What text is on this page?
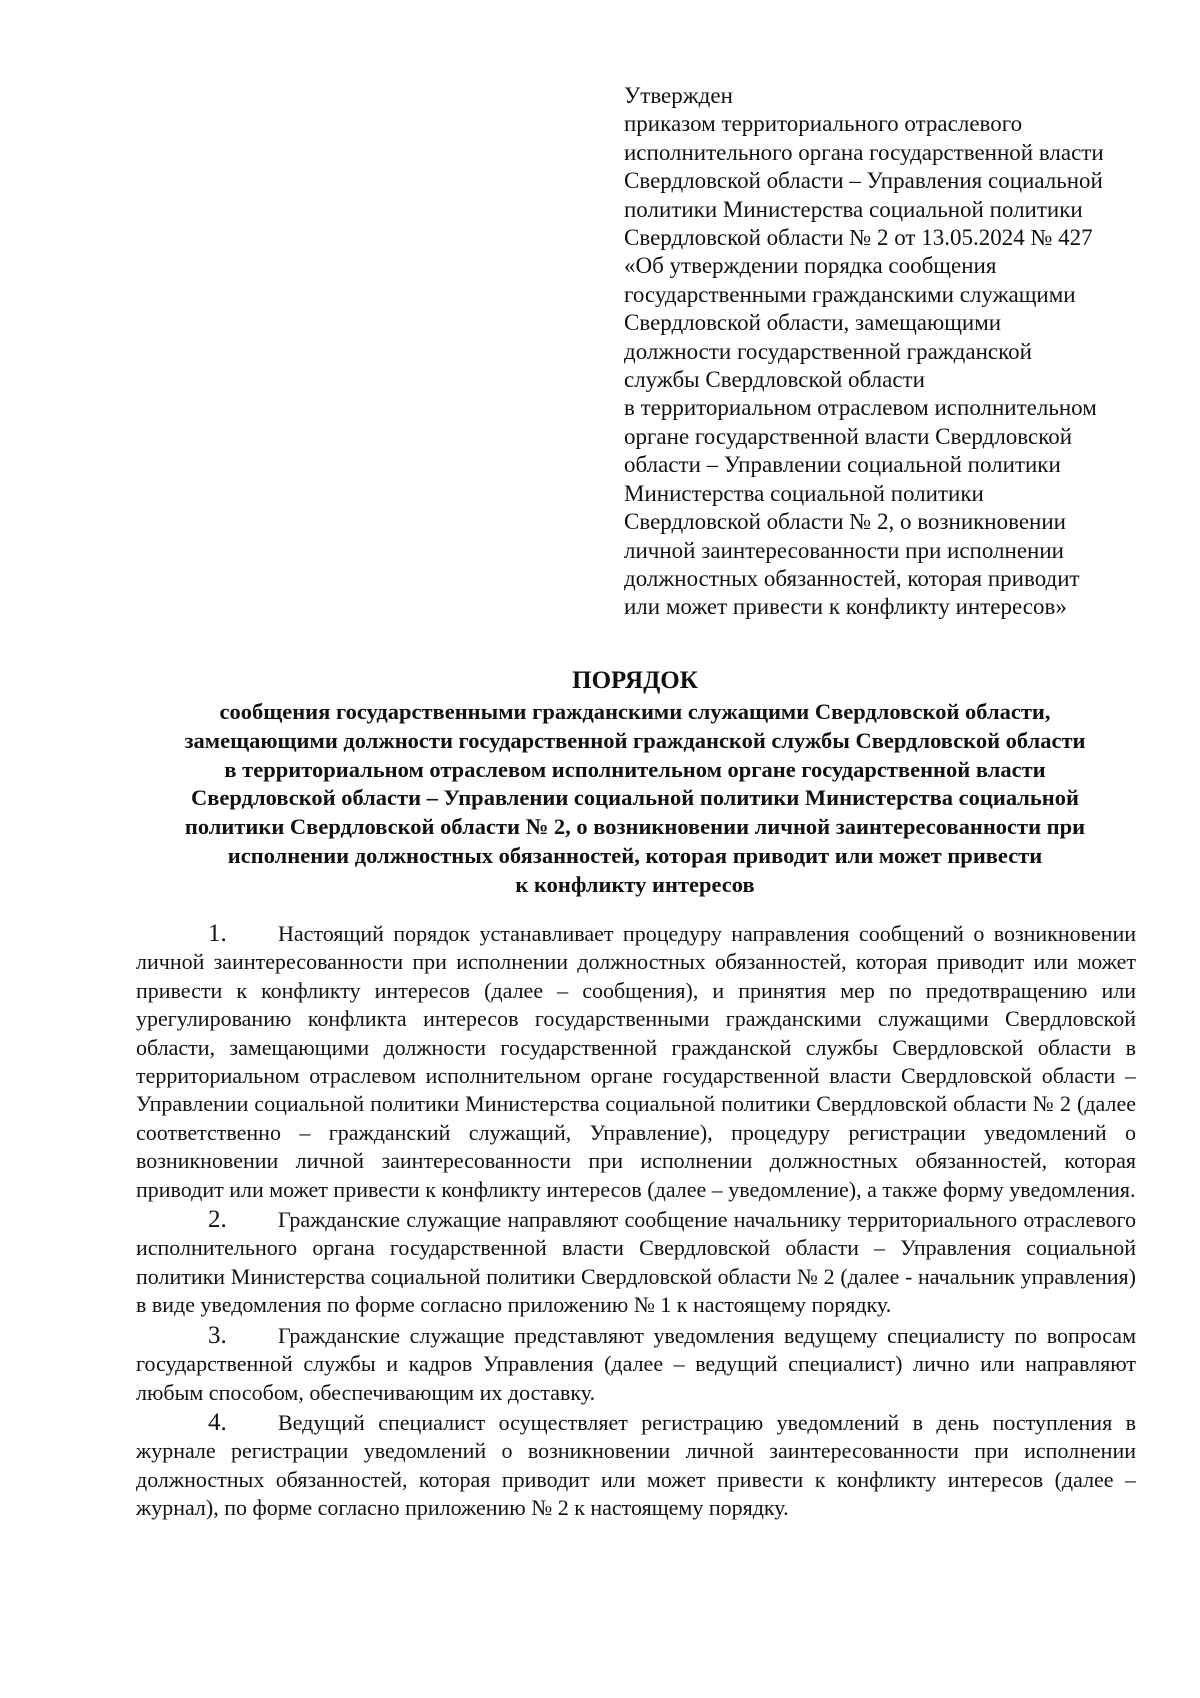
Утвержден
приказом территориального отраслевого
исполнительного органа государственной власти
Свердловской области – Управления социальной
политики Министерства социальной политики
Свердловской области № 2 от 13.05.2024 № 427
«Об утверждении порядка сообщения
государственными гражданскими служащими
Свердловской области, замещающими
должности государственной гражданской
службы Свердловской области
в территориальном отраслевом исполнительном
органе государственной власти Свердловской
области – Управлении социальной политики
Министерства социальной политики
Свердловской области № 2, о возникновении
личной заинтересованности при исполнении
должностных обязанностей, которая приводит
или может привести к конфликту интересов»
ПОРЯДОК
сообщения государственными гражданскими служащими Свердловской области,
замещающими должности государственной гражданской службы Свердловской области
в территориальном отраслевом исполнительном органе государственной власти
Свердловской области – Управлении социальной политики Министерства социальной
политики Свердловской области № 2, о возникновении личной заинтересованности при
исполнении должностных обязанностей, которая приводит или может привести
к конфликту интересов

1. Настоящий порядок устанавливает процедуру направления сообщений о возникновении личной заинтересованности при исполнении должностных обязанностей, которая приводит или может привести к конфликту интересов (далее – сообщения), и принятия мер по предотвращению или урегулированию конфликта интересов государственными гражданскими служащими Свердловской области, замещающими должности государственной гражданской службы Свердловской области в территориальном отраслевом исполнительном органе государственной власти Свердловской области – Управлении социальной политики Министерства социальной политики Свердловской области № 2 (далее соответственно – гражданский служащий, Управление), процедуру регистрации уведомлений о возникновении личной заинтересованности при исполнении должностных обязанностей, которая приводит или может привести к конфликту интересов (далее – уведомление), а также форму уведомления.

2. Гражданские служащие направляют сообщение начальнику территориального отраслевого исполнительного органа государственной власти Свердловской области – Управления социальной политики Министерства социальной политики Свердловской области № 2 (далее - начальник управления) в виде уведомления по форме согласно приложению № 1 к настоящему порядку.

3. Гражданские служащие представляют уведомления ведущему специалисту по вопросам государственной службы и кадров Управления (далее – ведущий специалист) лично или направляют любым способом, обеспечивающим их доставку.

4. Ведущий специалист осуществляет регистрацию уведомлений в день поступления в журнале регистрации уведомлений о возникновении личной заинтересованности при исполнении должностных обязанностей, которая приводит или может привести к конфликту интересов (далее – журнал), по форме согласно приложению № 2 к настоящему порядку.
